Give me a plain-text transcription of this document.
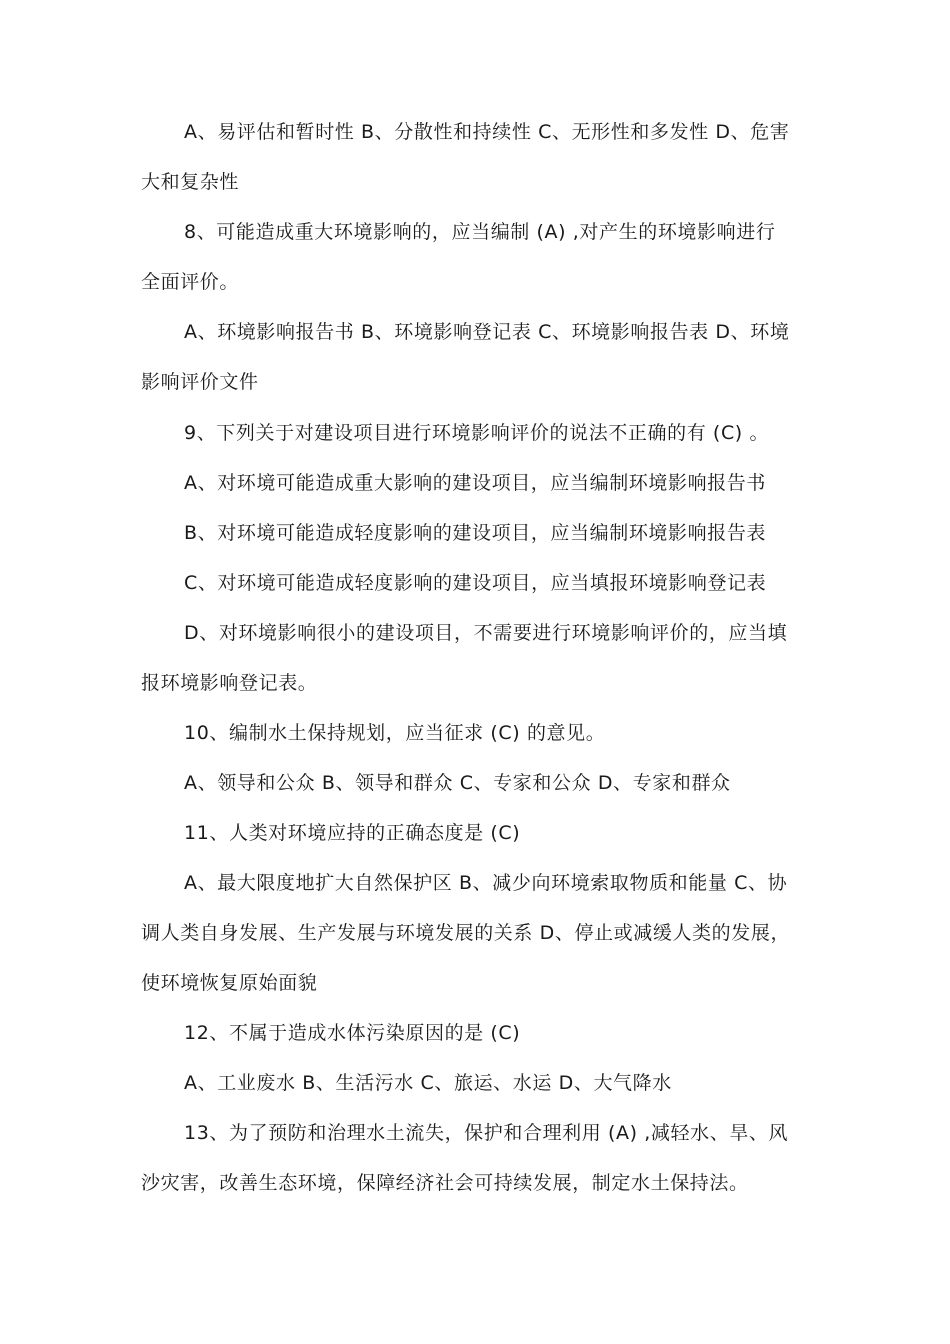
A、易评估和暂时性 B、分散性和持续性 C、无形性和多发性 D、危害
大和复杂性
8、可能造成重大环境影响的，应当编制 (A) ,对产生的环境影响进行
全面评价。
A、环境影响报告书 B、环境影响登记表 C、环境影响报告表 D、环境
影响评价文件
9、下列关于对建设项目进行环境影响评价的说法不正确的有 (C) 。
A、对环境可能造成重大影响的建设项目，应当编制环境影响报告书
B、对环境可能造成轻度影响的建设项目，应当编制环境影响报告表
C、对环境可能造成轻度影响的建设项目，应当填报环境影响登记表
D、对环境影响很小的建设项目，不需要进行环境影响评价的，应当填
报环境影响登记表。
10、编制水土保持规划，应当征求 (C) 的意见。
A、领导和公众 B、领导和群众 C、专家和公众 D、专家和群众
11、人类对环境应持的正确态度是 (C)
A、最大限度地扩大自然保护区 B、减少向环境索取物质和能量 C、协
调人类自身发展、生产发展与环境发展的关系 D、停止或减缓人类的发展，
使环境恢复原始面貌
12、不属于造成水体污染原因的是 (C)
A、工业废水 B、生活污水 C、旅运、水运 D、大气降水
13、为了预防和治理水土流失，保护和合理利用 (A) ,减轻水、旱、风
沙灾害，改善生态环境，保障经济社会可持续发展，制定水土保持法。
